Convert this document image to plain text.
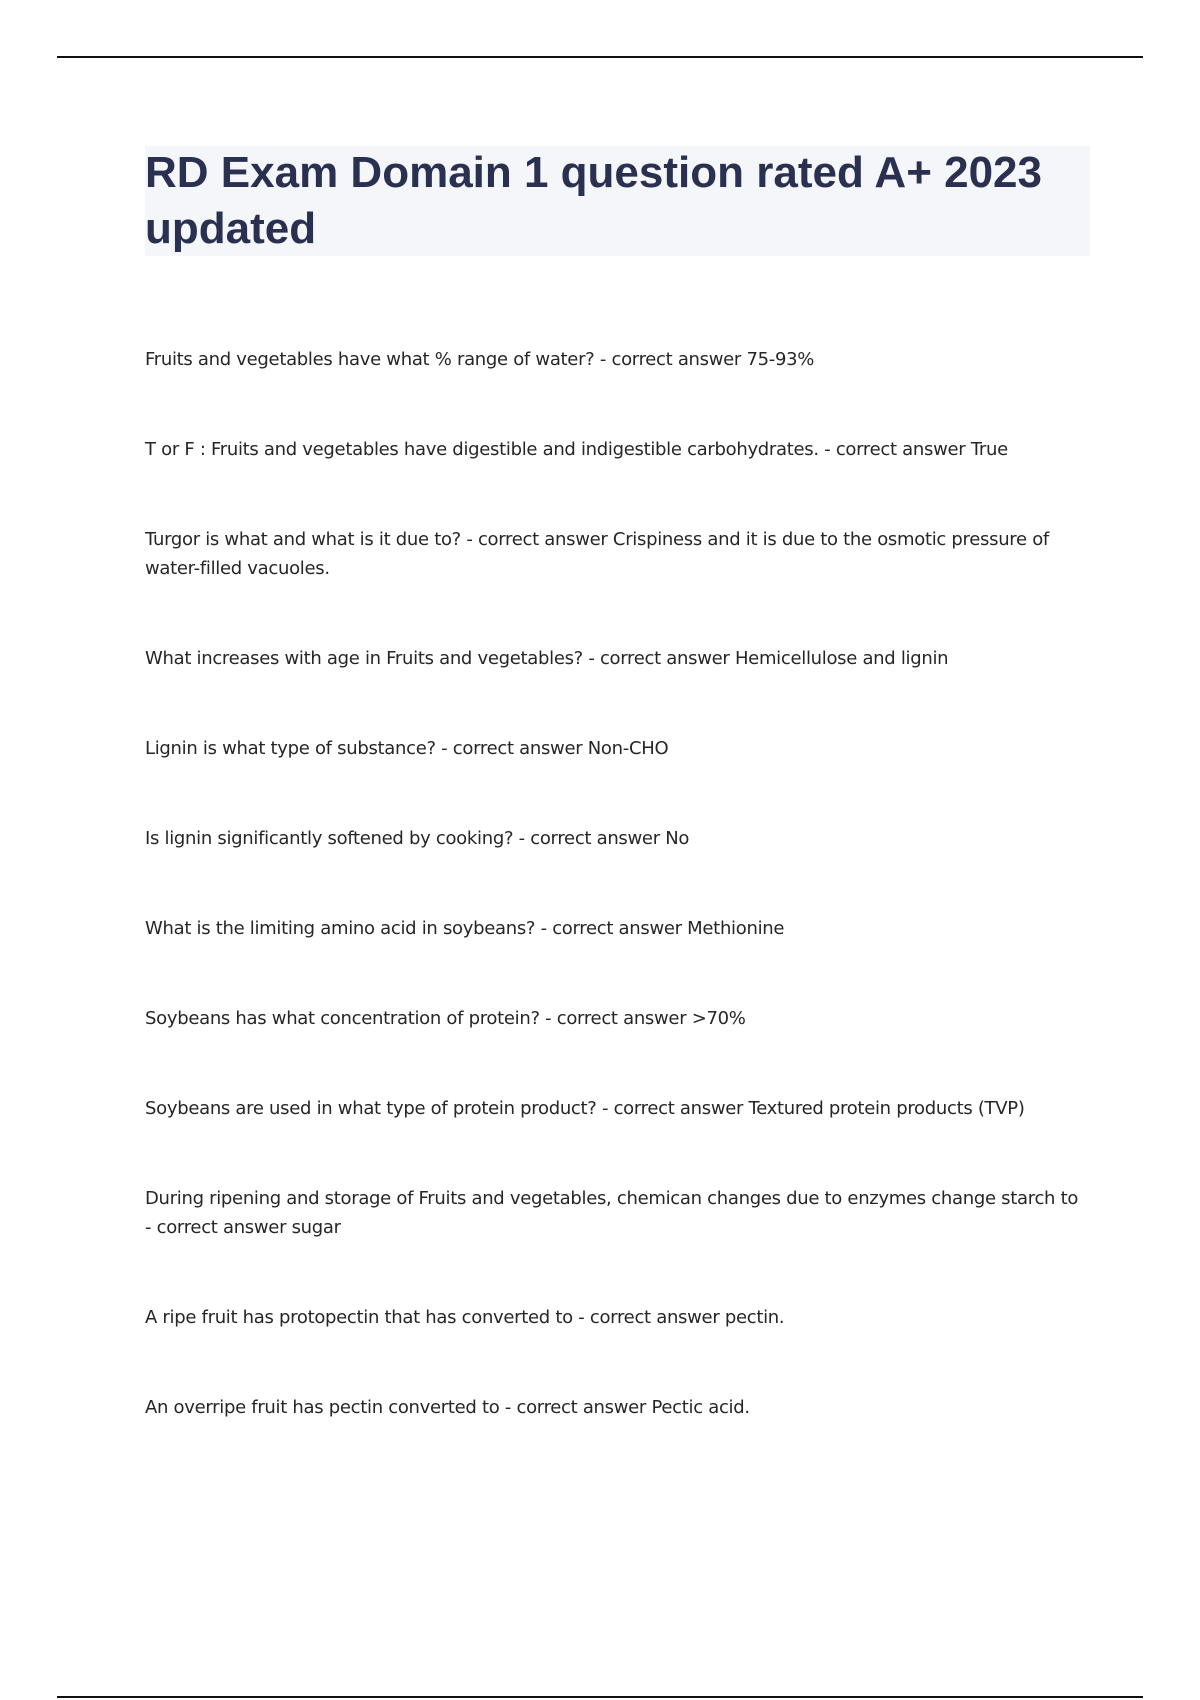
RD Exam Domain 1 question rated A+ 2023 updated
Fruits and vegetables have what % range of water? - correct answer 75-93%
T or F : Fruits and vegetables have digestible and indigestible carbohydrates. - correct answer True
Turgor is what and what is it due to? - correct answer Crispiness and it is due to the osmotic pressure of water-filled vacuoles.
What increases with age in Fruits and vegetables? - correct answer Hemicellulose and lignin
Lignin is what type of substance? - correct answer Non-CHO
Is lignin significantly softened by cooking? - correct answer No
What is the limiting amino acid in soybeans? - correct answer Methionine
Soybeans has what concentration of protein? - correct answer >70%
Soybeans are used in what type of protein product? - correct answer Textured protein products (TVP)
During ripening and storage of Fruits and vegetables, chemican changes due to enzymes change starch to - correct answer sugar
A ripe fruit has protopectin that has converted to - correct answer pectin.
An overripe fruit has pectin converted to - correct answer Pectic acid.
